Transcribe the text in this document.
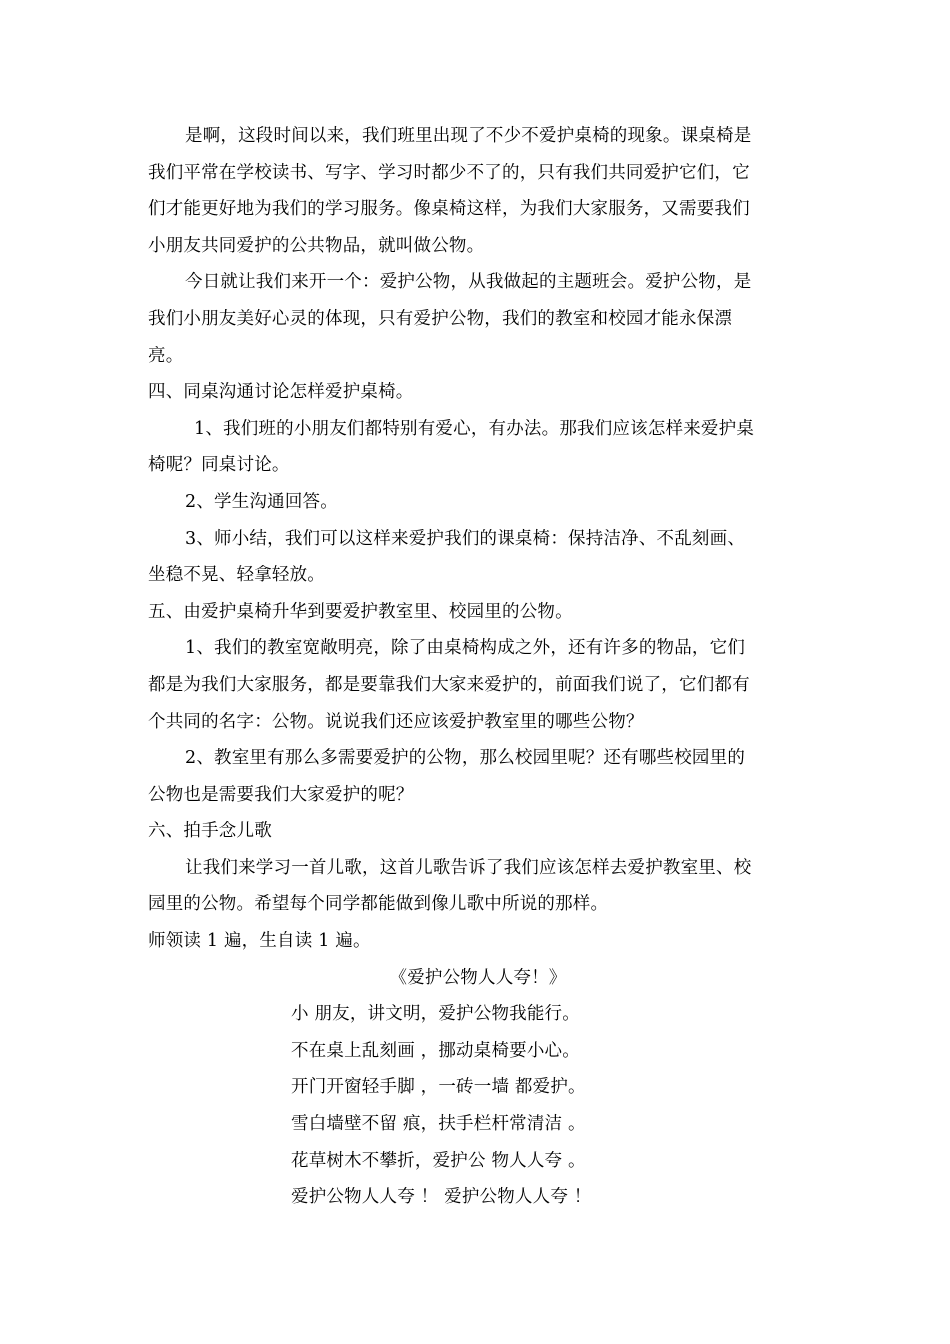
是啊，这段时间以来，我们班里出现了不少不爱护桌椅的现象。课桌椅是
我们平常在学校读书、写字、学习时都少不了的，只有我们共同爱护它们，它
们才能更好地为我们的学习服务。像桌椅这样，为我们大家服务，又需要我们
小朋友共同爱护的公共物品，就叫做公物。
今日就让我们来开一个：爱护公物，从我做起的主题班会。爱护公物，是
我们小朋友美好心灵的体现，只有爱护公物，我们的教室和校园才能永保漂
亮。
四、同桌沟通讨论怎样爱护桌椅。
1、我们班的小朋友们都特别有爱心，有办法。那我们应该怎样来爱护桌
椅呢？同桌讨论。
2、学生沟通回答。
3、师小结，我们可以这样来爱护我们的课桌椅：保持洁净、不乱刻画、
坐稳不晃、轻拿轻放。
五、由爱护桌椅升华到要爱护教室里、校园里的公物。
1、我们的教室宽敞明亮，除了由桌椅构成之外，还有许多的物品，它们
都是为我们大家服务，都是要靠我们大家来爱护的，前面我们说了，它们都有
个共同的名字：公物。说说我们还应该爱护教室里的哪些公物？
2、教室里有那么多需要爱护的公物，那么校园里呢？还有哪些校园里的
公物也是需要我们大家爱护的呢？
六、拍手念儿歌
让我们来学习一首儿歌，这首儿歌告诉了我们应该怎样去爱护教室里、校
园里的公物。希望每个同学都能做到像儿歌中所说的那样。
师领读 1 遍，生自读 1 遍。
《爱护公物人人夸！》
小 朋友，讲文明，爱护公物我能行。
不在桌上乱刻画 ，挪动桌椅要小心。
开门开窗轻手脚 ，一砖一墙 都爱护。
雪白墙壁不留 痕，扶手栏杆常清洁 。
花草树木不攀折，爱护公 物人人夸 。
爱护公物人人夸 ！ 爱护公物人人夸 ！
